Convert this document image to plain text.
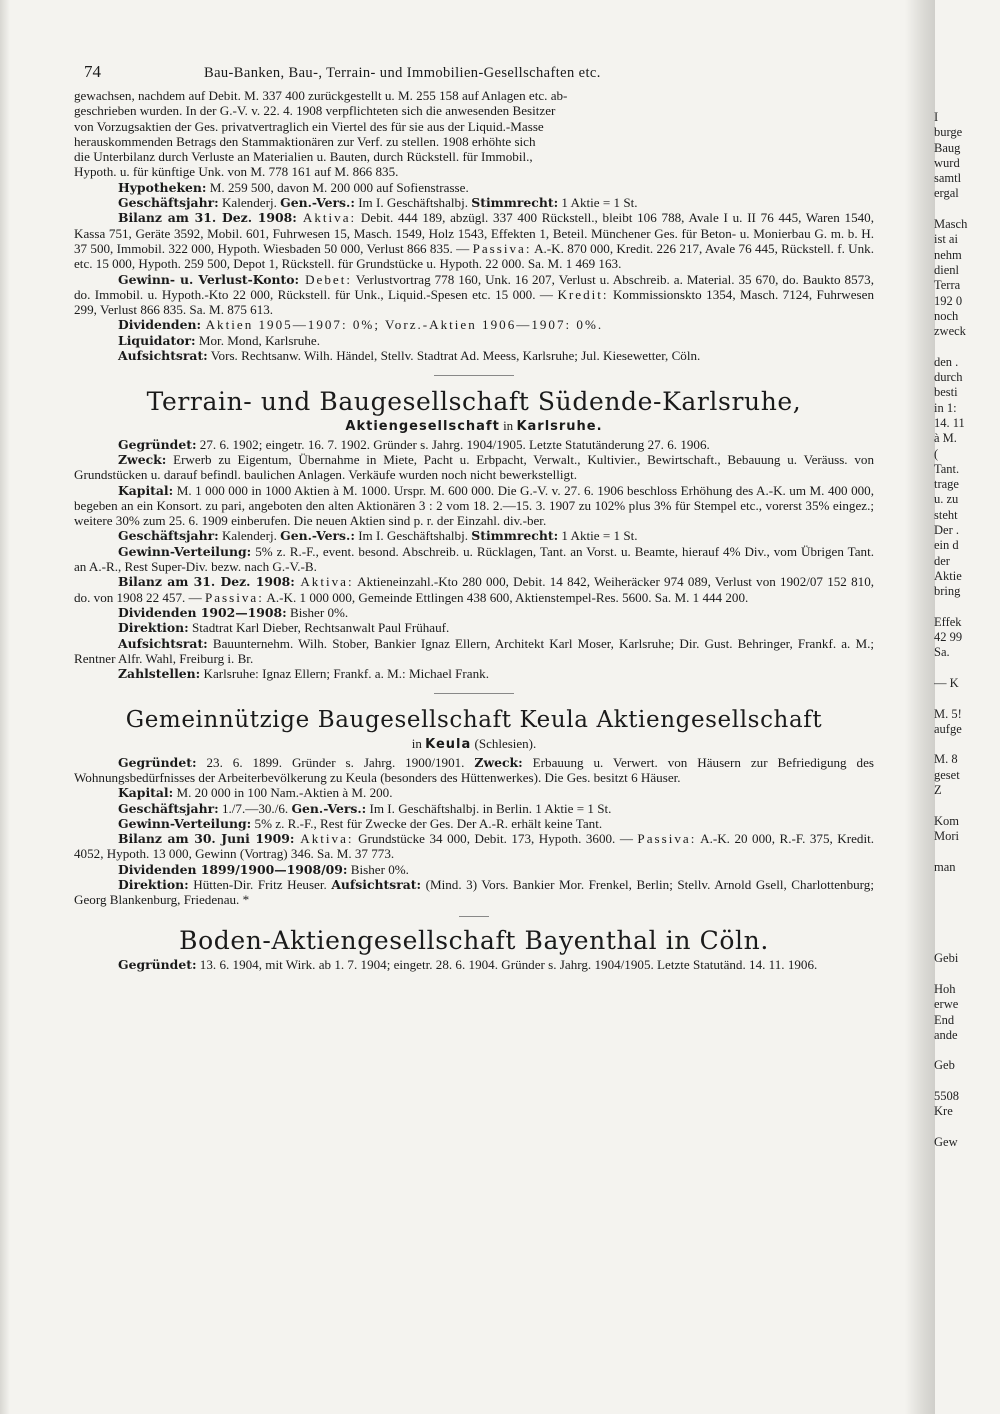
74	Bau-Banken, Bau-, Terrain- und Immobilien-Gesellschaften etc.
gewachsen, nachdem auf Debit. M. 337 400 zurückgestellt u. M. 255 158 auf Anlagen etc. ab-
geschrieben wurden. In der G.-V. v. 22. 4. 1908 verpflichteten sich die anwesenden Besitzer
von Vorzugsaktien der Ges. privatvertraglich ein Viertel des für sie aus der Liquid.-Masse
herauskommenden Betrags den Stammaktionären zur Verf. zu stellen. 1908 erhöhte sich
die Unterbilanz durch Verluste an Materialien u. Bauten, durch Rückstell. für Immobil.,
Hypoth. u. für künftige Unk. von M. 778 161 auf M. 866 835.

Hypotheken: M. 259 500, davon M. 200 000 auf Sofienstrasse.

Geschäftsjahr: Kalenderj. Gen.-Vers.: Im I. Geschäftshalbj. Stimmrecht: 1 Aktie = 1 St.

Bilanz am 31. Dez. 1908: Aktiva: Debit. 444 189, abzügl. 337 400 Rückstell., bleibt 106 788, Avale I u. II 76 445, Waren 1540, Kassa 751, Geräte 3592, Mobil. 601, Fuhrwesen 15, Masch. 1549, Holz 1543, Effekten 1, Beteil. Münchener Ges. für Beton- u. Monierbau G. m. b. H. 37 500, Immobil. 322 000, Hypoth. Wiesbaden 50 000, Verlust 866 835. — Passiva: A.-K. 870 000, Kredit. 226 217, Avale 76 445, Rückstell. f. Unk. etc. 15 000, Hypoth. 259 500, Depot 1, Rückstell. für Grundstücke u. Hypoth. 22 000. Sa. M. 1 469 163.

Gewinn- u. Verlust-Konto: Debet: Verlustvortrag 778 160, Unk. 16 207, Verlust u. Abschreib. a. Material. 35 670, do. Baukto 8573, do. Immobil. u. Hypoth.-Kto 22 000, Rückstell. für Unk., Liquid.-Spesen etc. 15 000. — Kredit: Kommissionskto 1354, Masch. 7124, Fuhrwesen 299, Verlust 866 835. Sa. M. 875 613.

Dividenden: Aktien 1905—1907: 0%; Vorz.-Aktien 1906—1907: 0%.

Liquidator: Mor. Mond, Karlsruhe.

Aufsichtsrat: Vors. Rechtsanw. Wilh. Händel, Stellv. Stadtrat Ad. Meess, Karlsruhe; Jul. Kiesewetter, Cöln.

Terrain- und Baugesellschaft Südende-Karlsruhe,
Aktiengesellschaft in Karlsruhe.

Gegründet: 27. 6. 1902; eingetr. 16. 7. 1902. Gründer s. Jahrg. 1904/1905. Letzte Statutänderung 27. 6. 1906.

Zweck: Erwerb zu Eigentum, Übernahme in Miete, Pacht u. Erbpacht, Verwalt., Kultivier., Bewirtschaft., Bebauung u. Veräuss. von Grundstücken u. darauf befindl. baulichen Anlagen. Verkäufe wurden noch nicht bewerkstelligt.

Kapital: M. 1 000 000 in 1000 Aktien à M. 1000. Urspr. M. 600 000. Die G.-V. v. 27. 6. 1906 beschloss Erhöhung des A.-K. um M. 400 000, begeben an ein Konsort. zu pari, angeboten den alten Aktionären 3 : 2 vom 18. 2.—15. 3. 1907 zu 102% plus 3% für Stempel etc., vorerst 35% eingez.; weitere 30% zum 25. 6. 1909 einberufen. Die neuen Aktien sind p. r. der Einzahl. div.-ber.

Geschäftsjahr: Kalenderj. Gen.-Vers.: Im I. Geschäftshalbj. Stimmrecht: 1 Aktie = 1 St.

Gewinn-Verteilung: 5% z. R.-F., event. besond. Abschreib. u. Rücklagen, Tant. an Vorst. u. Beamte, hierauf 4% Div., vom Übrigen Tant. an A.-R., Rest Super-Div. bezw. nach G.-V.-B.

Bilanz am 31. Dez. 1908: Aktiva: Aktieneinzahl.-Kto 280 000, Debit. 14 842, Weiheräcker 974 089, Verlust von 1902/07 152 810, do. von 1908 22 457. — Passiva: A.-K. 1 000 000, Gemeinde Ettlingen 438 600, Aktienstempel-Res. 5600. Sa. M. 1 444 200.

Dividenden 1902—1908: Bisher 0%.

Direktion: Stadtrat Karl Dieber, Rechtsanwalt Paul Frühauf.

Aufsichtsrat: Bauunternehm. Wilh. Stober, Bankier Ignaz Ellern, Architekt Karl Moser, Karlsruhe; Dir. Gust. Behringer, Frankf. a. M.; Rentner Alfr. Wahl, Freiburg i. Br.

Zahlstellen: Karlsruhe: Ignaz Ellern; Frankf. a. M.: Michael Frank.

Gemeinnützige Baugesellschaft Keula Aktiengesellschaft
in Keula (Schlesien).

Gegründet: 23. 6. 1899. Gründer s. Jahrg. 1900/1901. Zweck: Erbauung u. Verwert. von Häusern zur Befriedigung des Wohnungsbedürfnisses der Arbeiterbevölkerung zu Keula (besonders des Hüttenwerkes). Die Ges. besitzt 6 Häuser.

Kapital: M. 20 000 in 100 Nam.-Aktien à M. 200.

Geschäftsjahr: 1./7.—30./6. Gen.-Vers.: Im I. Geschäftshalbj. in Berlin. 1 Aktie = 1 St.

Gewinn-Verteilung: 5% z. R.-F., Rest für Zwecke der Ges. Der A.-R. erhält keine Tant.

Bilanz am 30. Juni 1909: Aktiva: Grundstücke 34 000, Debit. 173, Hypoth. 3600. — Passiva: A.-K. 20 000, R.-F. 375, Kredit. 4052, Hypoth. 13 000, Gewinn (Vortrag) 346. Sa. M. 37 773.

Dividenden 1899/1900—1908/09: Bisher 0%.

Direktion: Hütten-Dir. Fritz Heuser. Aufsichtsrat: (Mind. 3) Vors. Bankier Mor. Frenkel, Berlin; Stellv. Arnold Gsell, Charlottenburg; Georg Blankenburg, Friedenau. *

Boden-Aktiengesellschaft Bayenthal in Cöln.

Gegründet: 13. 6. 1904, mit Wirk. ab 1. 7. 1904; eingetr. 28. 6. 1904. Gründer s. Jahrg. 1904/1905. Letzte Statutänd. 14. 11. 1906.

I
burge
Baug
wurd
samtl
ergal
Masch
ist ai
nehm
dienl
Terra
192 0
noch
zweck
den .
durch
besti
in 1:
14. 11
à M.
(
Tant.
trage
u. zu
steht
Der .
ein d
der
Aktie
bring
Effek
42 99
Sa.
— K
M. 5!
aufge
M. 8
geset
Z
Kom
Mori
man
Gebi
Hoh
erwe
End
ande
Geb
5508
Kre
Gew
